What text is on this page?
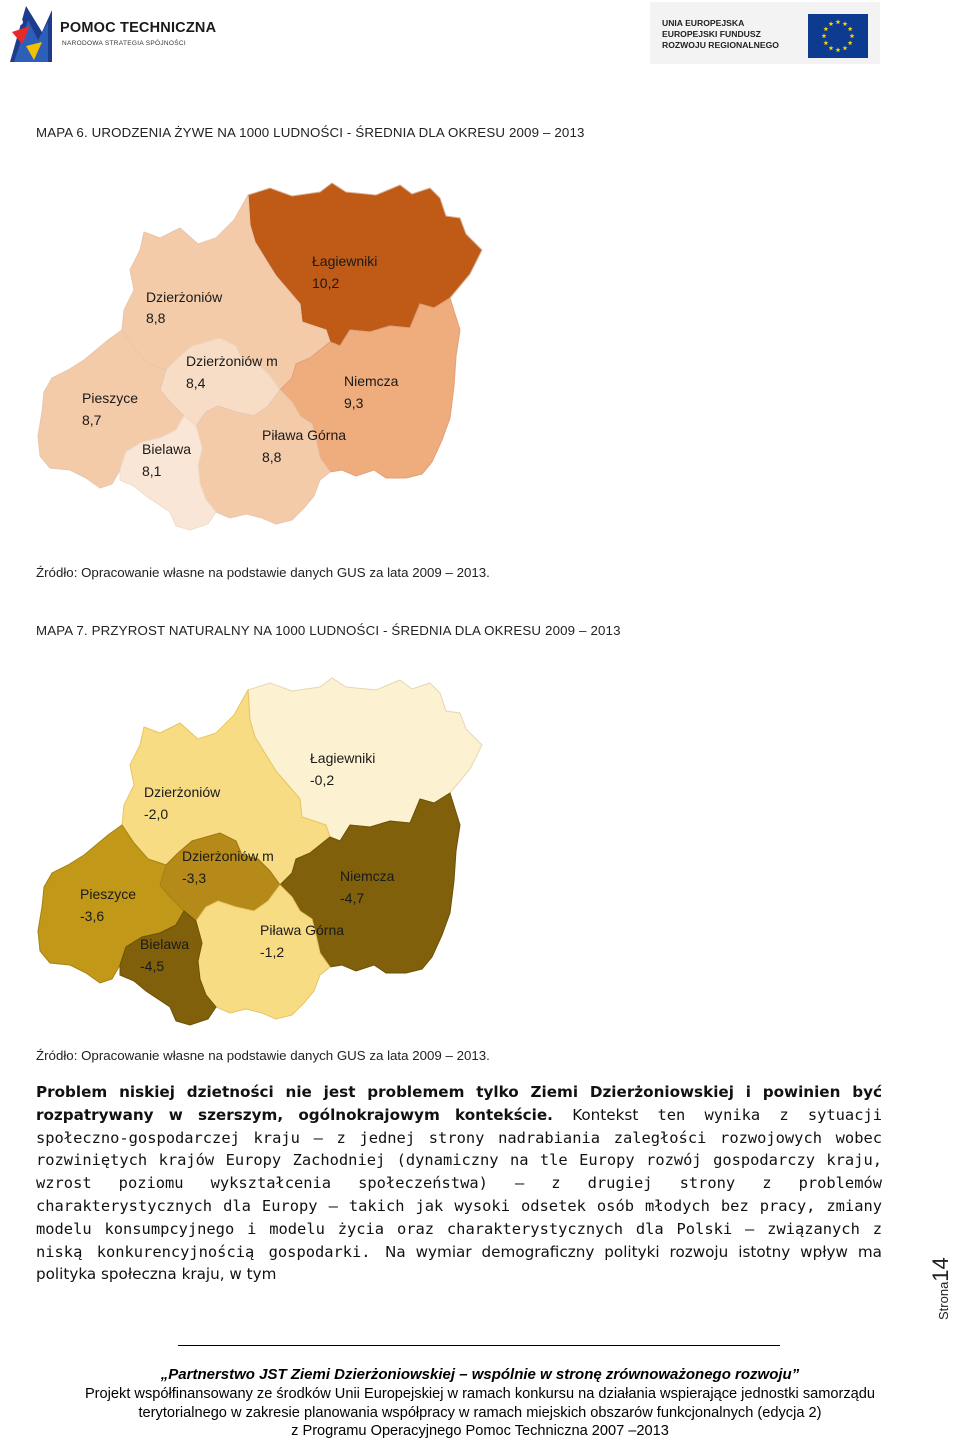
POMOC TECHNICZNA
NARODOWA STRATEGIA SPÓJNOŚCI
UNIA EUROPEJSKA
EUROPEJSKI FUNDUSZ
ROZWOJU REGIONALNEGO
MAPA 6. URODZENIA ŻYWE NA 1000 LUDNOŚCI - ŚREDNIA DLA OKRESU 2009 – 2013
Łagiewniki
10,2
Dzierżoniów
8,8
Dzierżoniów m
8,4	Niemcza
9,3
Pieszyce
8,7
Piława Górna
8,8
Bielawa
8,1
Źródło: Opracowanie własne na podstawie danych GUS za lata 2009 – 2013.
MAPA 7. PRZYROST NATURALNY NA 1000 LUDNOŚCI - ŚREDNIA DLA OKRESU 2009 – 2013
Łagiewniki
-0,2
Dzierżoniów
-2,0
Dzierżoniów m
-3,3	Niemcza
-4,7
Pieszyce
-3,6
Piława Górna
-1,2
Bielawa
-4,5
Źródło: Opracowanie własne na podstawie danych GUS za lata 2009 – 2013.

Problem niskiej dzietności nie jest problemem tylko Ziemi Dzierżoniowskiej i powinien być rozpatrywany w szerszym, ogólnokrajowym kontekście. Kontekst ten wynika z sytuacji społeczno-gospodarczej kraju – z jednej strony nadrabiania zaległości rozwojowych wobec rozwiniętych krajów Europy Zachodniej (dynamiczny na tle Europy rozwój gospodarczy kraju, wzrost poziomu wykształcenia społeczeństwa) – z drugiej strony z problemów charakterystycznych dla Europy – takich jak wysoki odsetek osób młodych bez pracy, zmiany modelu konsumpcyjnego i modelu życia oraz charakterystycznych dla Polski – związanych z niską konkurencyjnością gospodarki. Na wymiar demograficzny polityki rozwoju istotny wpływ ma polityka społeczna kraju, w tym

Strona14
„Partnerstwo JST Ziemi Dzierżoniowskiej – wspólnie w stronę zrównoważonego rozwoju”
Projekt współfinansowany ze środków Unii Europejskiej w ramach konkursu na działania wspierające jednostki samorządu
terytorialnego w zakresie planowania współpracy w ramach miejskich obszarów funkcjonalnych (edycja 2)
z Programu Operacyjnego Pomoc Techniczna 2007 –2013
